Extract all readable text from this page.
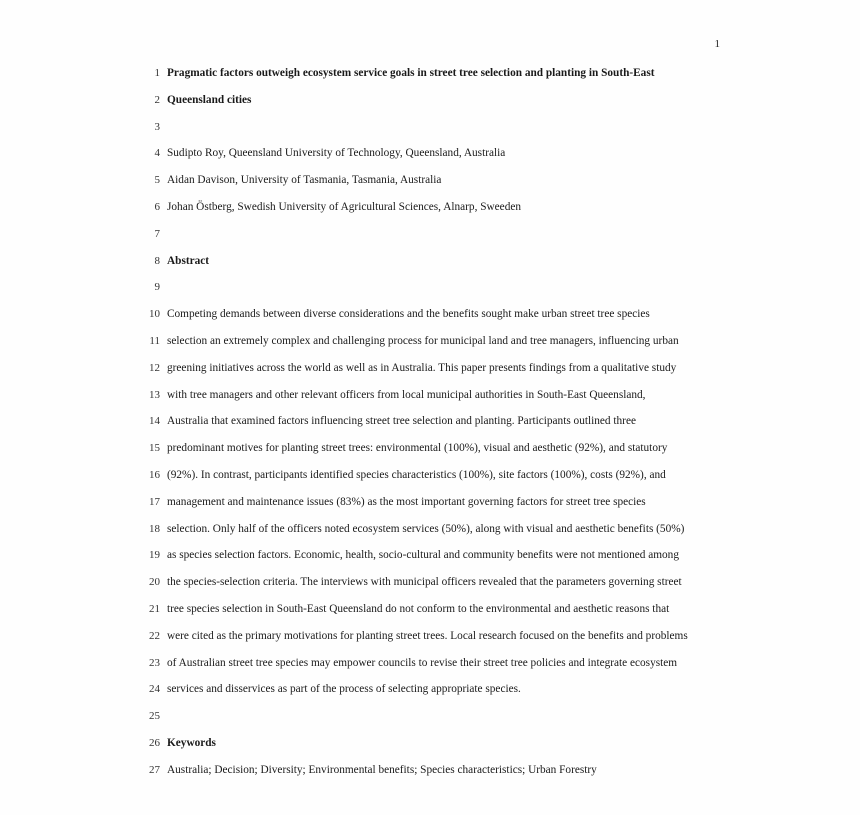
1
1 Pragmatic factors outweigh ecosystem service goals in street tree selection and planting in South-East
2 Queensland cities
3
4 Sudipto Roy, Queensland University of Technology, Queensland, Australia
5 Aidan Davison, University of Tasmania, Tasmania, Australia
6 Johan Östberg, Swedish University of Agricultural Sciences, Alnarp, Sweeden
7
8 Abstract
9
10 Competing demands between diverse considerations and the benefits sought make urban street tree species
11 selection an extremely complex and challenging process for municipal land and tree managers, influencing urban
12 greening initiatives across the world as well as in Australia. This paper presents findings from a qualitative study
13 with tree managers and other relevant officers from local municipal authorities in South-East Queensland,
14 Australia that examined factors influencing street tree selection and planting. Participants outlined three
15 predominant motives for planting street trees: environmental (100%), visual and aesthetic (92%), and statutory
16 (92%). In contrast, participants identified species characteristics (100%), site factors (100%), costs (92%), and
17 management and maintenance issues (83%) as the most important governing factors for street tree species
18 selection. Only half of the officers noted ecosystem services (50%), along with visual and aesthetic benefits (50%)
19 as species selection factors. Economic, health, socio-cultural and community benefits were not mentioned among
20 the species-selection criteria. The interviews with municipal officers revealed that the parameters governing street
21 tree species selection in South-East Queensland do not conform to the environmental and aesthetic reasons that
22 were cited as the primary motivations for planting street trees. Local research focused on the benefits and problems
23 of Australian street tree species may empower councils to revise their street tree policies and integrate ecosystem
24 services and disservices as part of the process of selecting appropriate species.
25
26 Keywords
27 Australia; Decision; Diversity; Environmental benefits; Species characteristics; Urban Forestry
